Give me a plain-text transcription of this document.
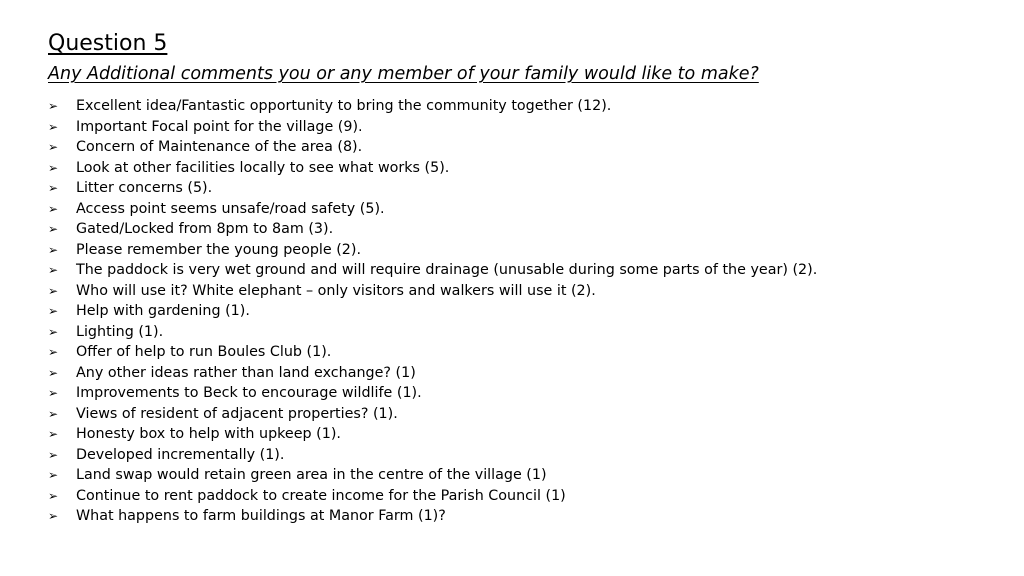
Question 5
Any Additional comments you or any member of your family would like to make?
➢	Excellent idea/Fantastic opportunity to bring the community together (12).
➢	Important Focal point for the village (9).
➢	Concern of Maintenance of the area (8).
➢	Look at other facilities locally to see what works (5).
➢	Litter concerns (5).
➢	Access point seems unsafe/road safety (5).
➢	Gated/Locked from 8pm to 8am (3).
➢	Please remember the young people (2).
➢	The paddock is very wet ground and will require drainage (unusable during some parts of the year) (2).
➢	Who will use it? White elephant – only visitors and walkers will use it (2).
➢	Help with gardening (1).
➢	Lighting (1).
➢	Offer of help to run Boules Club (1).
➢	Any other ideas rather than land exchange? (1)
➢	Improvements to Beck to encourage wildlife (1).
➢	Views of resident of adjacent properties? (1).
➢	Honesty box to help with upkeep (1).
➢	Developed incrementally (1).
➢	Land swap would retain green area in the centre of the village (1)
➢	Continue to rent paddock to create income for the Parish Council (1)
➢	What happens to farm buildings at Manor Farm (1)?
